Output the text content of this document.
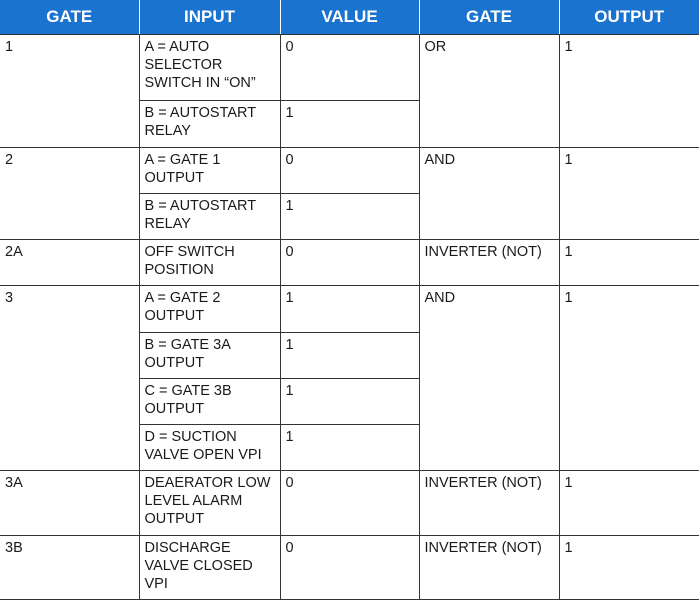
GATE	INPUT	VALUE	GATE	OUTPUT
1	A = AUTO SELECTOR SWITCH IN “ON”	0	OR	1
	B = AUTOSTART RELAY	1		
2	A = GATE 1 OUTPUT	0	AND	1
	B = AUTOSTART RELAY	1		
2A	OFF SWITCH POSITION	0	INVERTER (NOT)	1
3	A = GATE 2 OUTPUT	1	AND	1
	B = GATE 3A OUTPUT	1		
	C = GATE 3B OUTPUT	1		
	D = SUCTION VALVE OPEN VPI	1		
3A	DEAERATOR LOW LEVEL ALARM OUTPUT	0	INVERTER (NOT)	1
3B	DISCHARGE VALVE CLOSED VPI	0	INVERTER (NOT)	1
